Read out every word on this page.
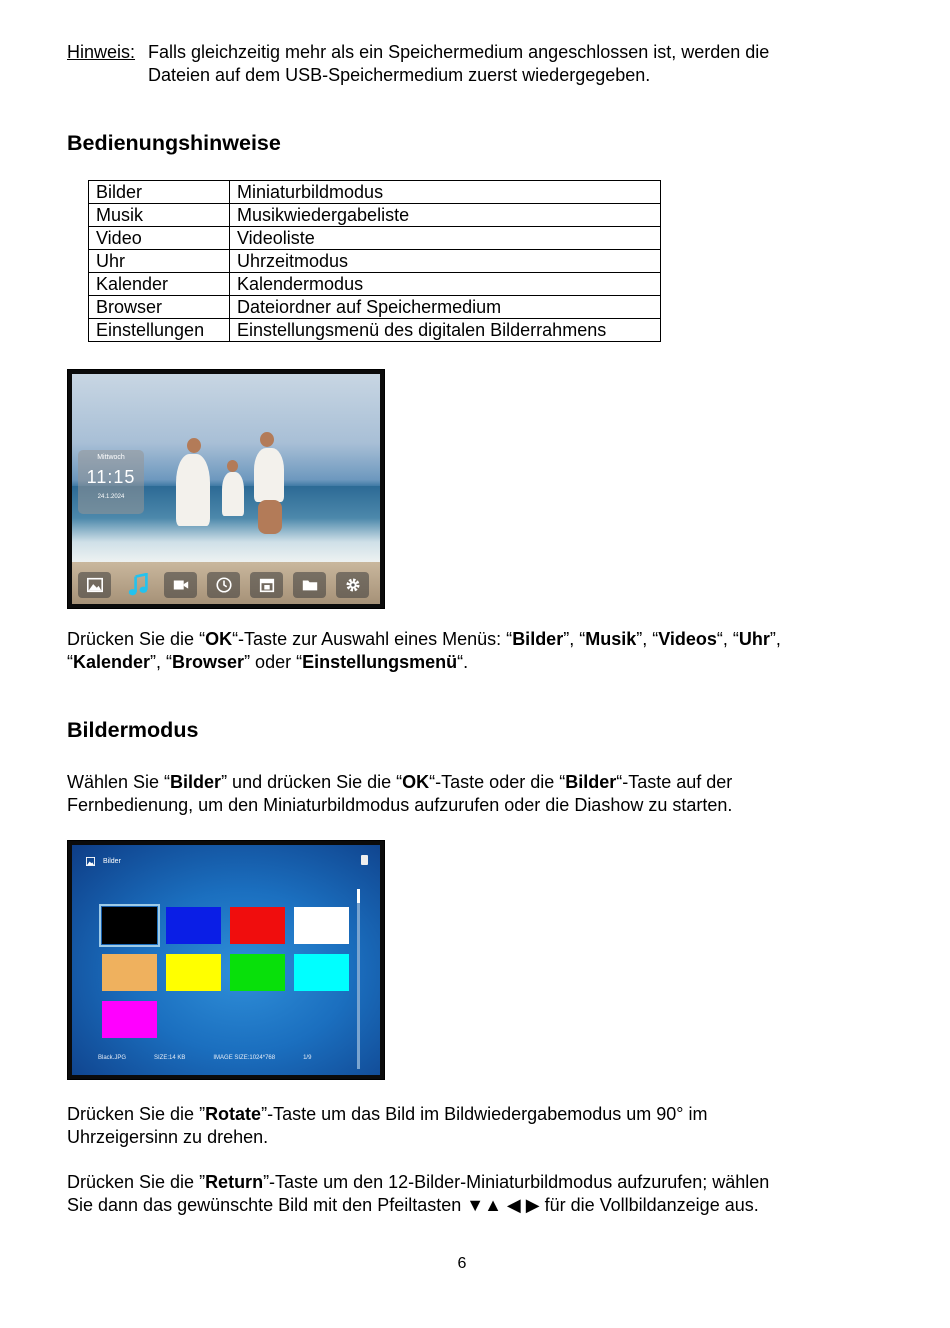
Hinweis: Falls gleichzeitig mehr als ein Speichermedium angeschlossen ist, werden die
Dateien auf dem USB-Speichermedium zuerst wiedergegeben.
Bedienungshinweise
Bilder	Miniaturbildmodus
Musik	Musikwiedergabeliste
Video	Videoliste
Uhr	Uhrzeitmodus
Kalender	Kalendermodus
Browser	Dateiordner auf Speichermedium
Einstellungen	Einstellungsmenü des digitalen Bilderrahmens
Mittwoch
11:15
24.1.2024
Drücken Sie die “OK“-Taste zur Auswahl eines Menüs: “Bilder”, “Musik”, “Videos“, “Uhr”,
“Kalender”, “Browser” oder “Einstellungsmenü“.
Bildermodus
Wählen Sie “Bilder” und drücken Sie die “OK“-Taste oder die “Bilder“-Taste auf der
Fernbedienung, um den Miniaturbildmodus aufzurufen oder die Diashow zu starten.
Bilder
Black.JPG	SIZE:14 KB	IMAGE SIZE:1024*768	1/9
Drücken Sie die ”Rotate”-Taste um das Bild im Bildwiedergabemodus um 90° im
Uhrzeigersinn zu drehen.
Drücken Sie die ”Return”-Taste um den 12-Bilder-Miniaturbildmodus aufzurufen; wählen
Sie dann das gewünschte Bild mit den Pfeiltasten ▼▲ ◀ ▶ für die Vollbildanzeige aus.
6
